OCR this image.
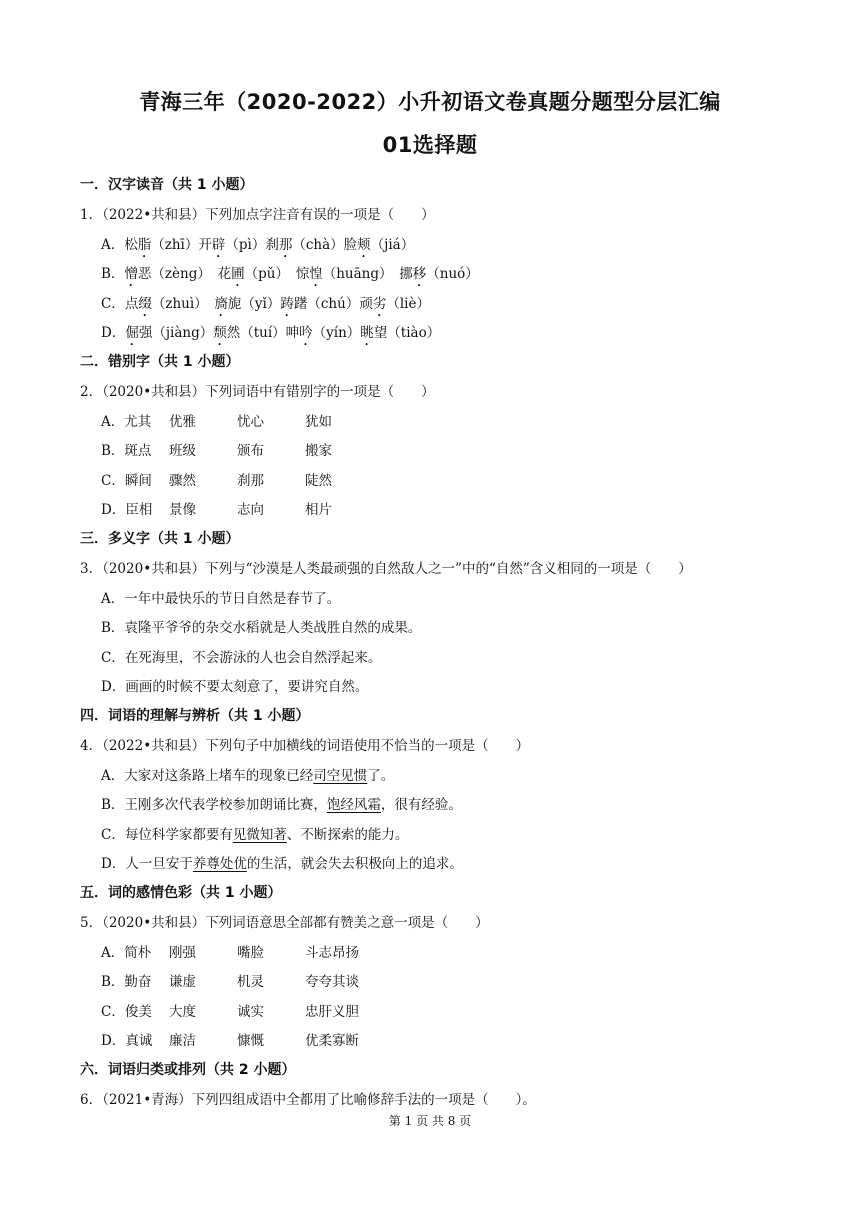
青海三年（2020-2022）小升初语文卷真题分题型分层汇编
01选择题
一．汉字读音（共 1 小题）
1．（2022•共和县）下列加点字注音有误的一项是（　　）
A．松脂（zhī）开辟（pì）刹那（chà）脸颊（jiá）
B．憎恶（zèng）　花圃（pǔ）　惊惶（huāng）　挪移（nuó）
C．点缀（zhuì）　旖旎（yǐ）踌躇（chú）顽劣（liè）
D．倔强（jiàng）颓然（tuí）呻吟（yín）眺望（tiào）
二．错别字（共 1 小题）
2．（2020•共和县）下列词语中有错别字的一项是（　　）
A．尤其 优雅	忧心	犹如
B．斑点 班级	颁布	搬家
C．瞬间 骤然	刹那	陡然
D．臣相 景像	志向	相片
三．多义字（共 1 小题）
3．（2020•共和县）下列与“沙漠是人类最顽强的自然敌人之一”中的“自然”含义相同的一项是（　　）
A．一年中最快乐的节日自然是春节了。
B．袁隆平爷爷的杂交水稻就是人类战胜自然的成果。
C．在死海里，不会游泳的人也会自然浮起来。
D．画画的时候不要太刻意了，要讲究自然。
四．词语的理解与辨析（共 1 小题）
4．（2022•共和县）下列句子中加横线的词语使用不恰当的一项是（　　）
A．大家对这条路上堵车的现象已经司空见惯了。
B．王刚多次代表学校参加朗诵比赛，饱经风霜，很有经验。
C．每位科学家都要有见微知著、不断探索的能力。
D．人一旦安于养尊处优的生活，就会失去积极向上的追求。
五．词的感情色彩（共 1 小题）
5．（2020•共和县）下列词语意思全部都有赞美之意一项是（　　）
A．简朴 刚强	嘴脸	斗志昂扬
B．勤奋 谦虚	机灵	夸夸其谈
C．俊美 大度	诚实	忠肝义胆
D．真诚 廉洁	慷慨	优柔寡断
六．词语归类或排列（共 2 小题）
6．（2021•青海）下列四组成语中全都用了比喻修辞手法的一项是（　　）。
第 1 页 共 8 页
